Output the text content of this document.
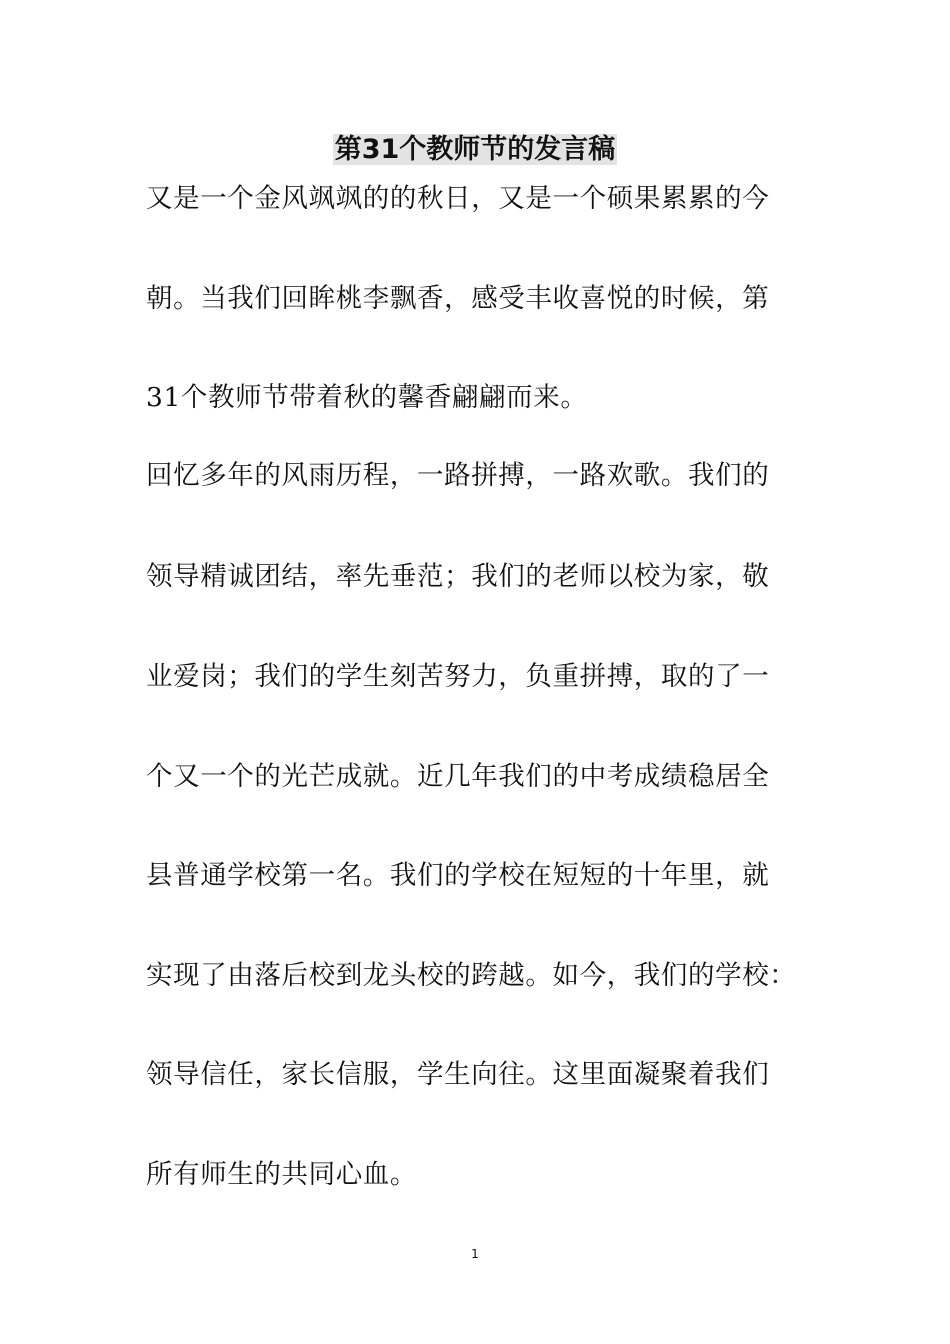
第31个教师节的发言稿
又是一个金风飒飒的的秋日，又是一个硕果累累的今
朝。当我们回眸桃李飘香，感受丰收喜悦的时候，第
31个教师节带着秋的馨香翩翩而来。
回忆多年的风雨历程，一路拼搏，一路欢歌。我们的
领导精诚团结，率先垂范；我们的老师以校为家，敬
业爱岗；我们的学生刻苦努力，负重拼搏，取的了一
个又一个的光芒成就。近几年我们的中考成绩稳居全
县普通学校第一名。我们的学校在短短的十年里，就
实现了由落后校到龙头校的跨越。如今，我们的学校：
领导信任，家长信服，学生向往。这里面凝聚着我们
所有师生的共同心血。
1
